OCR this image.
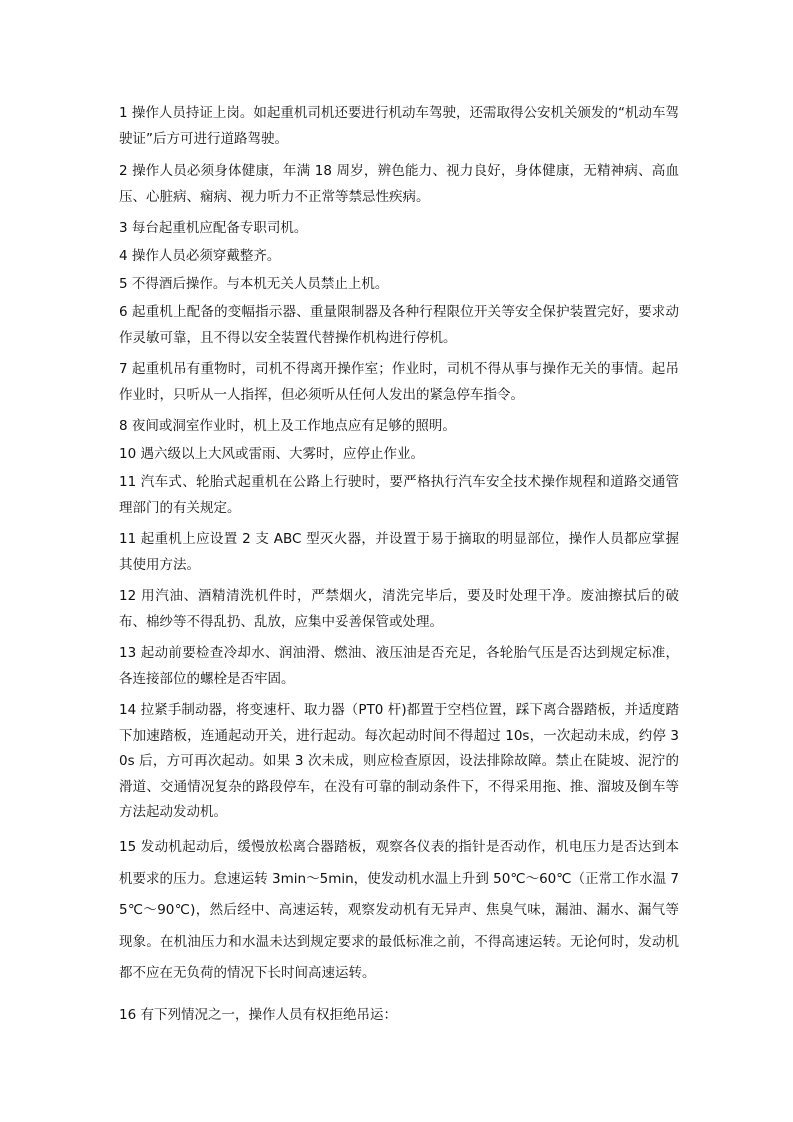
1 操作人员持证上岗。如起重机司机还要进行机动车驾驶，还需取得公安机关颁发的“机动车驾驶证”后方可进行道路驾驶。

2 操作人员必须身体健康，年满 18 周岁，辨色能力、视力良好，身体健康，无精神病、高血压、心脏病、痫病、视力听力不正常等禁忌性疾病。

3 每台起重机应配备专职司机。

4 操作人员必须穿戴整齐。

5 不得酒后操作。与本机无关人员禁止上机。

6 起重机上配备的变幅指示器、重量限制器及各种行程限位开关等安全保护装置完好，要求动作灵敏可靠，且不得以安全装置代替操作机构进行停机。

7 起重机吊有重物时，司机不得离开操作室；作业时，司机不得从事与操作无关的事情。起吊作业时，只听从一人指挥，但必须听从任何人发出的紧急停车指令。

8 夜间或洞室作业时，机上及工作地点应有足够的照明。

10 遇六级以上大风或雷雨、大雾时，应停止作业。

11 汽车式、轮胎式起重机在公路上行驶时，要严格执行汽车安全技术操作规程和道路交通管理部门的有关规定。

11 起重机上应设置 2 支 ABC 型灭火器，并设置于易于摘取的明显部位，操作人员都应掌握其使用方法。

12 用汽油、酒精清洗机件时，严禁烟火，清洗完毕后，要及时处理干净。废油擦拭后的破布、棉纱等不得乱扔、乱放，应集中妥善保管或处理。

13 起动前要检查冷却水、润油滑、燃油、液压油是否充足，各轮胎气压是否达到规定标准，各连接部位的螺栓是否牢固。

14 拉紧手制动器，将变速杆、取力器（PT0 杆)都置于空档位置，踩下离合器踏板，并适度踏下加速踏板，连通起动开关，进行起动。每次起动时间不得超过 10s，一次起动未成，约停 30s 后，方可再次起动。如果 3 次未成，则应检查原因，设法排除故障。禁止在陡坡、泥泞的滑道、交通情况复杂的路段停车，在没有可靠的制动条件下，不得采用拖、推、溜坡及倒车等方法起动发动机。

15 发动机起动后，缓慢放松离合器踏板，观察各仪表的指针是否动作，机电压力是否达到本机要求的压力。怠速运转 3min～5min，使发动机水温上升到 50℃～60℃（正常工作水温 75℃～90℃)，然后经中、高速运转，观察发动机有无异声、焦臭气味，漏油、漏水、漏气等现象。在机油压力和水温未达到规定要求的最低标准之前，不得高速运转。无论何时，发动机都不应在无负荷的情况下长时间高速运转。

16 有下列情况之一，操作人员有权拒绝吊运：
